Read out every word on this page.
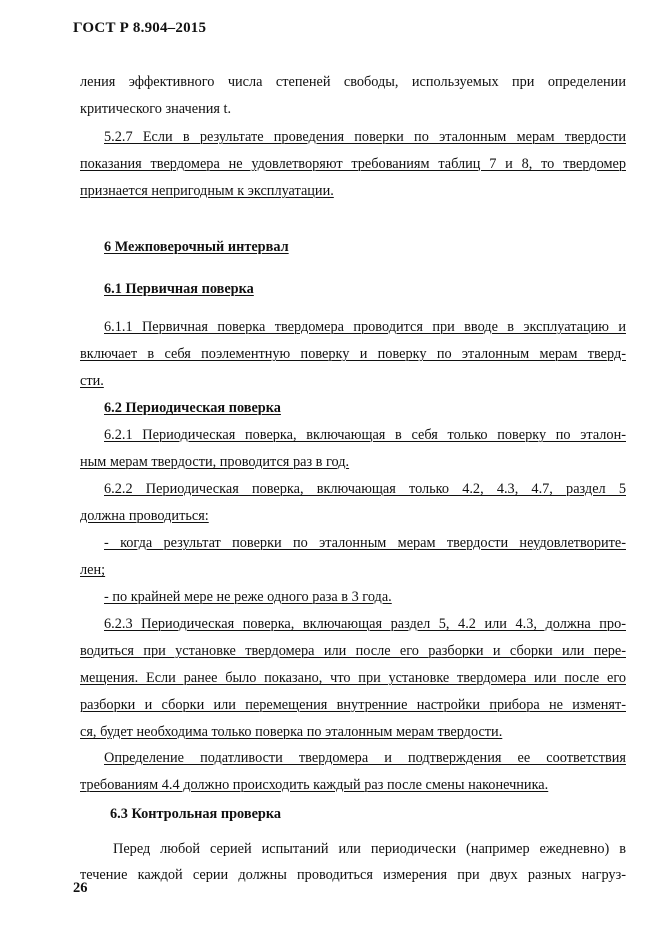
ГОСТ Р 8.904–2015
ления эффективного числа степеней свободы, используемых при определении
критического значения t.
5.2.7 Если в результате проведения поверки по эталонным мерам твердости
показания твердомера не удовлетворяют требованиям таблиц 7 и 8, то твердомер
признается непригодным к эксплуатации.
6 Межповерочный интервал
6.1 Первичная поверка
6.1.1 Первичная поверка твердомера проводится при вводе в эксплуатацию и
включает в себя поэлементную поверку и поверку по эталонным мерам тверд-
сти.
6.2 Периодическая поверка
6.2.1 Периодическая поверка, включающая в себя только поверку по эталон-
ным мерам твердости, проводится раз в год.
6.2.2 Периодическая поверка, включающая только 4.2, 4.3, 4.7, раздел 5
должна проводиться:
- когда результат поверки по эталонным мерам твердости неудовлетворите-
лен;
- по крайней мере не реже одного раза в 3 года.
6.2.3 Периодическая поверка, включающая раздел 5, 4.2 или 4.3, должна про-
водиться при установке твердомера или после его разборки и сборки или пере-
мещения. Если ранее было показано, что при установке твердомера или после его
разборки и сборки или перемещения внутренние настройки прибора не изменят-
ся, будет необходима только поверка по эталонным мерам твердости.
Определение податливости твердомера и подтверждения ее соответствия
требованиям 4.4 должно происходить каждый раз после смены наконечника.
6.3 Контрольная проверка
Перед любой серией испытаний или периодически (например ежедневно) в
течение каждой серии должны проводиться измерения при двух разных нагруз-
26
